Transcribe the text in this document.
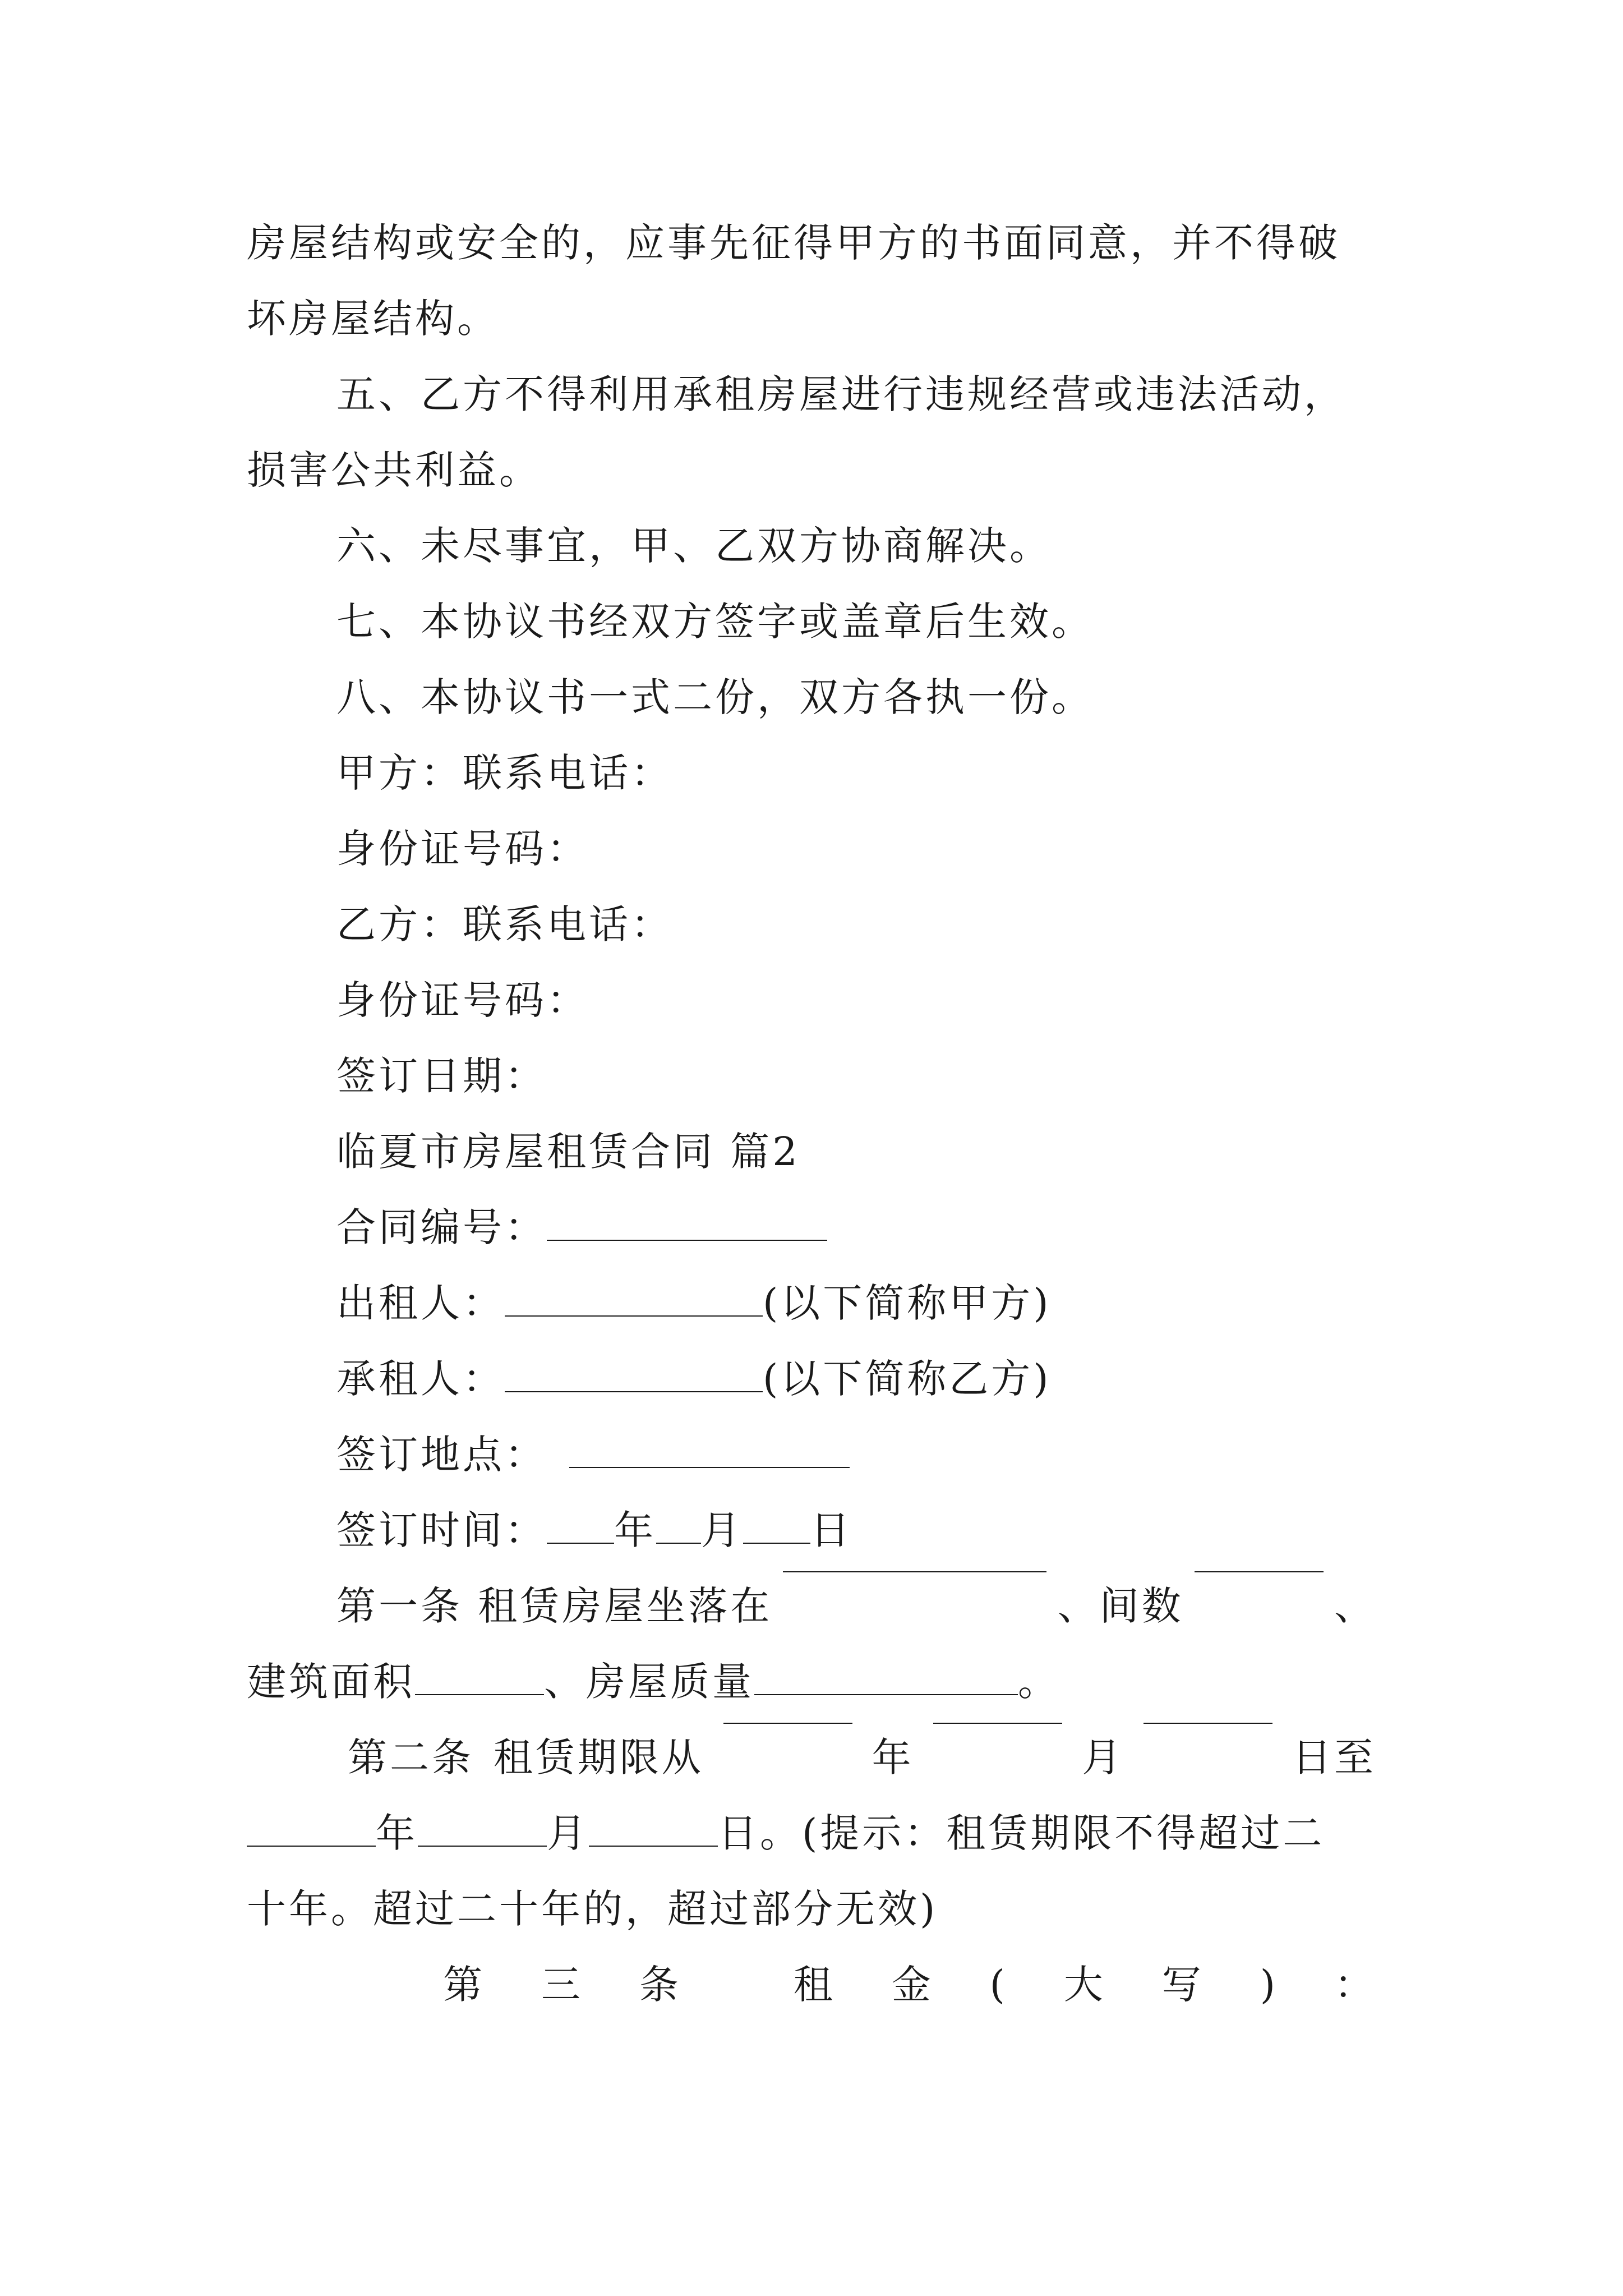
房屋结构或安全的，应事先征得甲方的书面同意，并不得破
坏房屋结构。
五、乙方不得利用承租房屋进行违规经营或违法活动，
损害公共利益。
六、未尽事宜，甲、乙双方协商解决。
七、本协议书经双方签字或盖章后生效。
八、本协议书一式二份，双方各执一份。
甲方：联系电话：
身份证号码：
乙方：联系电话：
身份证号码：
签订日期：
临夏市房屋租赁合同 篇2
合同编号：
出租人：	(以下简称甲方)
承租人：	(以下简称乙方)
签订地点：
签订时间： 年 月 日
第一条 租赁房屋坐落在	、间数	、
建筑面积	、房屋质量	。
第二条 租赁期限从	年	月	日至
年	月	日。(提示：租赁期限不得超过二
十年。超过二十年的，超过部分无效)
第 三 条	租 金 ( 大 写 ) ：
